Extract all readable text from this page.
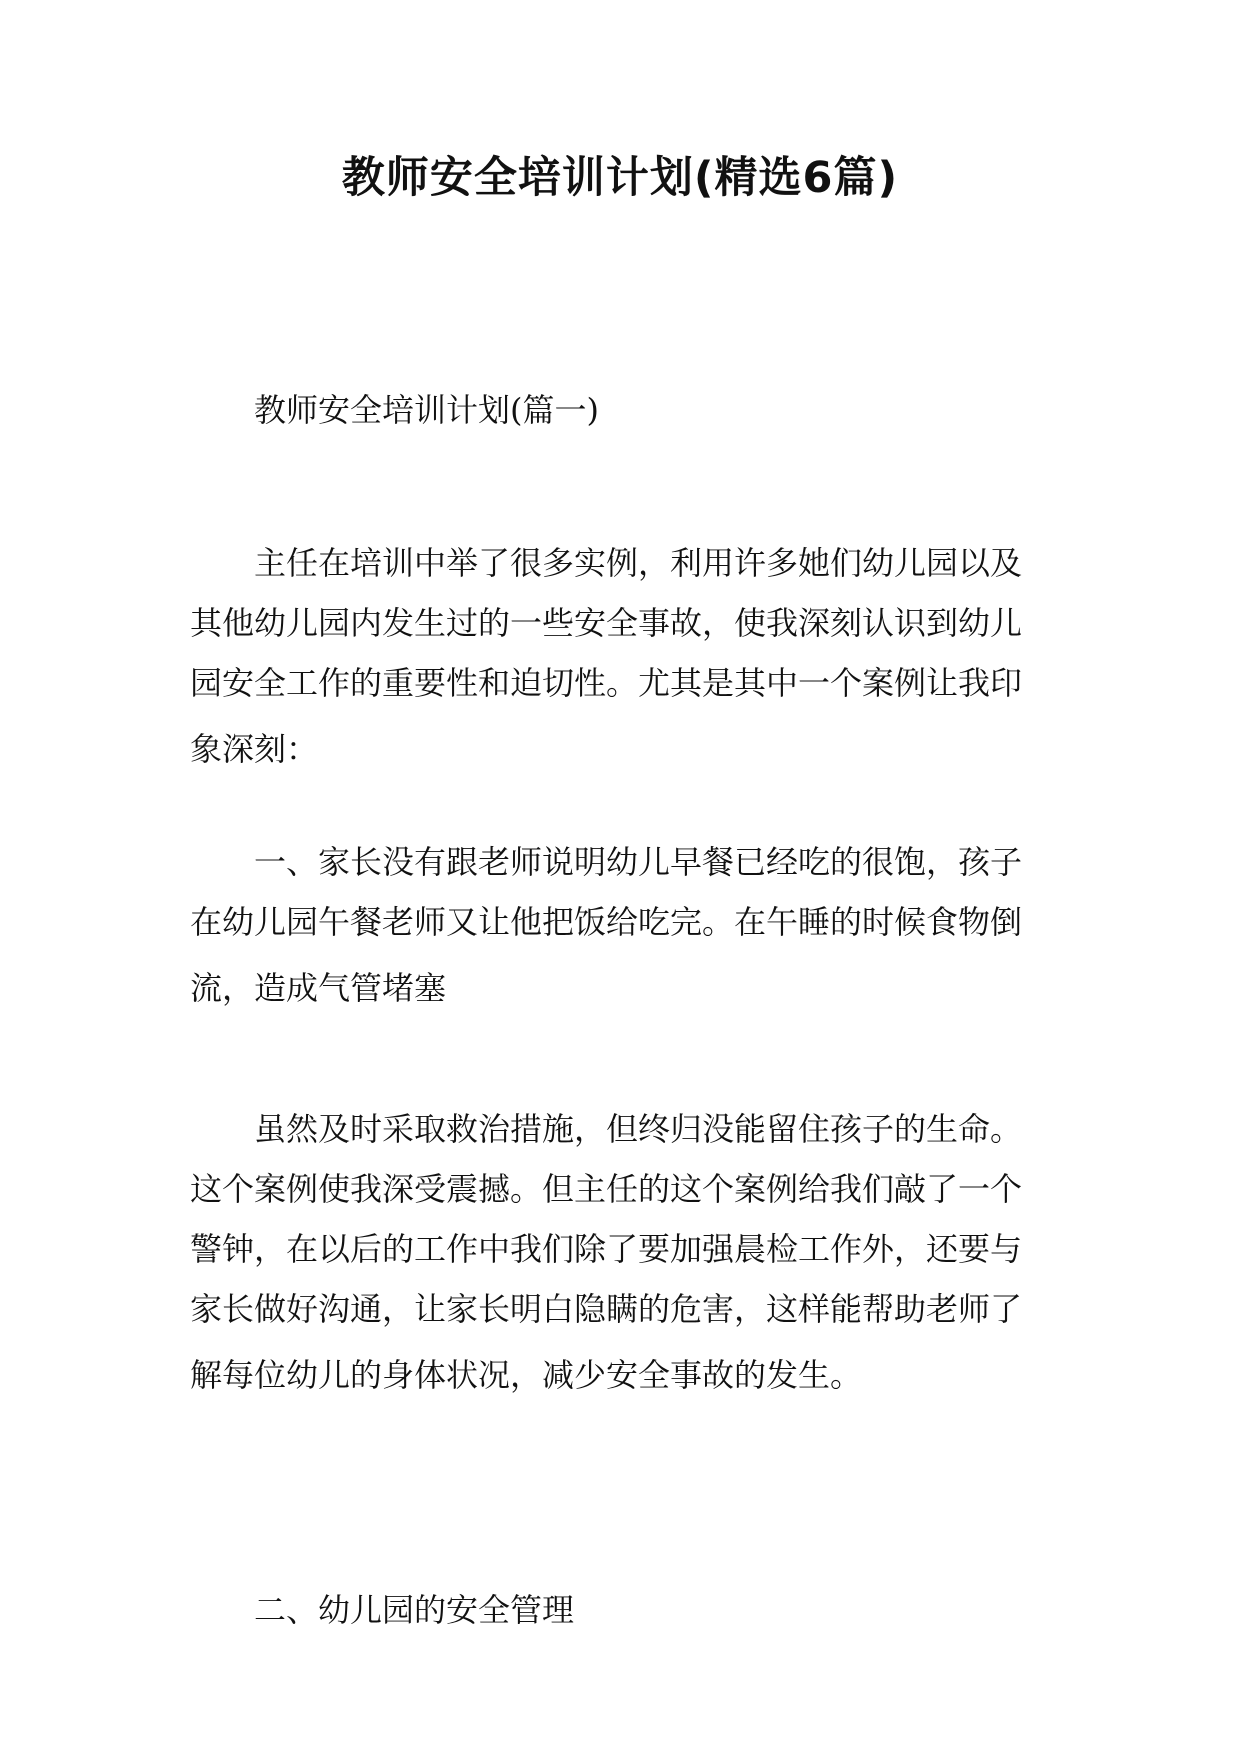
教师安全培训计划(精选6篇)

教师安全培训计划(篇一)

主任在培训中举了很多实例，利用许多她们幼儿园以及
其他幼儿园内发生过的一些安全事故，使我深刻认识到幼儿
园安全工作的重要性和迫切性。尤其是其中一个案例让我印
象深刻：
一、家长没有跟老师说明幼儿早餐已经吃的很饱，孩子
在幼儿园午餐老师又让他把饭给吃完。在午睡的时候食物倒
流，造成气管堵塞
虽然及时采取救治措施，但终归没能留住孩子的生命。
这个案例使我深受震撼。但主任的这个案例给我们敲了一个
警钟，在以后的工作中我们除了要加强晨检工作外，还要与
家长做好沟通，让家长明白隐瞒的危害，这样能帮助老师了
解每位幼儿的身体状况，减少安全事故的发生。

二、幼儿园的安全管理
